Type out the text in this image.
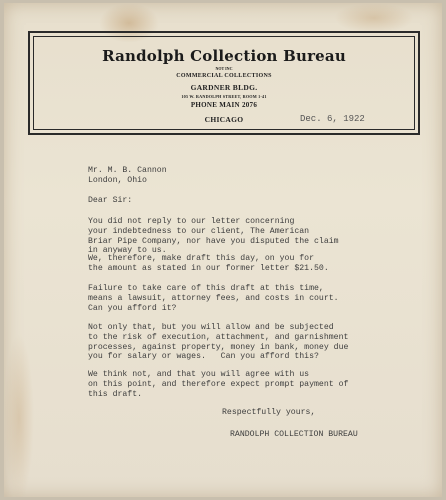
Randolph Collection Bureau
NOT INC
COMMERCIAL COLLECTIONS
GARDNER BLDG.
105 W. RANDOLPH STREET, ROOM 1-41
PHONE MAIN 2076
CHICAGO	Dec. 6, 1922
Mr. M. B. Cannon
London, Ohio
Dear Sir:
You did not reply to our letter concerning
your indebtedness to our client, The American
Briar Pipe Company, nor have you disputed the claim
in anyway to us.
We, therefore, make draft this day, on you for
the amount as stated in our former letter $21.50.
Failure to take care of this draft at this time,
means a lawsuit, attorney fees, and costs in court.
Can you afford it?
Not only that, but you will allow and be subjected
to the risk of execution, attachment, and garnishment
processes, against property, money in bank, money due
you for salary or wages.   Can you afford this?
We think not, and that you will agree with us
on this point, and therefore expect prompt payment of
this draft.
Respectfully yours,
RANDOLPH COLLECTION BUREAU
